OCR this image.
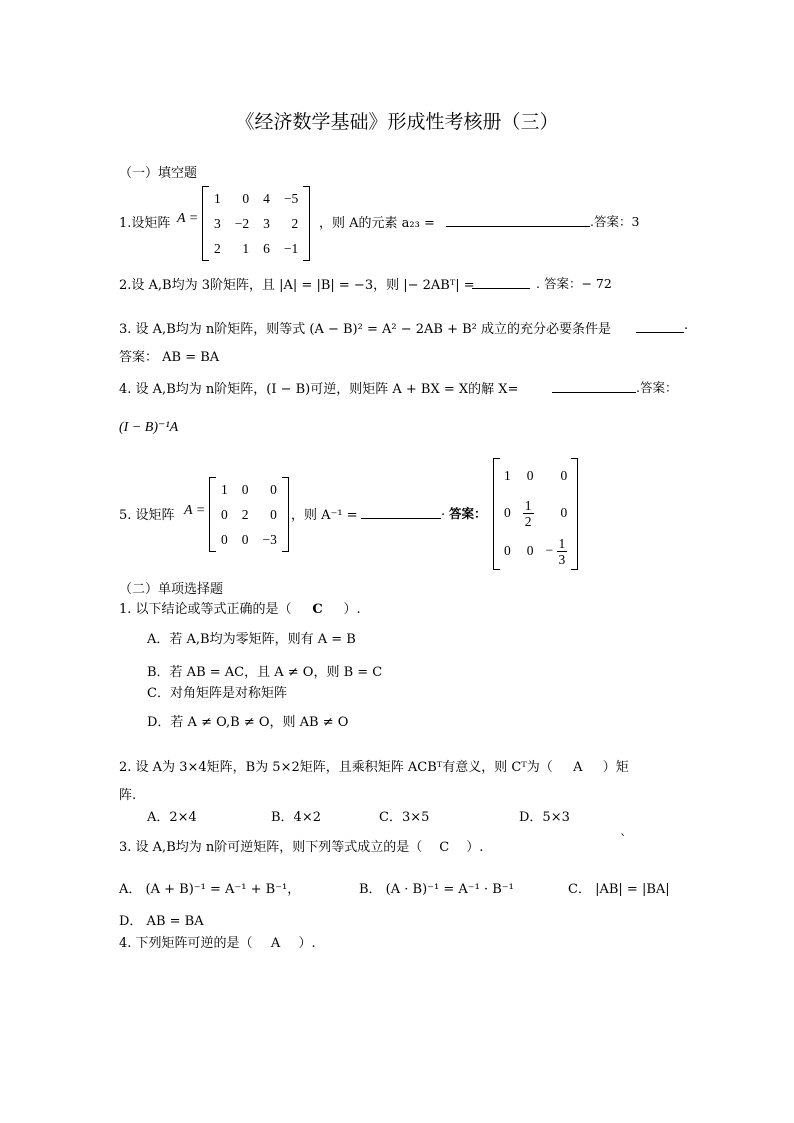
《经济数学基础》形成性考核册（三）
（一）填空题
1.设矩阵 A =
1	0	4	−5
3	−2	3	2
2	1	6	−1
，则 A的元素 a₂₃ =	.答案：3
2.设 A,B均为 3阶矩阵，且 |A| = |B| = −3，则 |− 2ABᵀ| =	. 答案：− 72
3. 设 A,B均为 n阶矩阵，则等式 (A − B)² = A² − 2AB + B² 成立的充分必要条件是	.
答案： AB = BA
4. 设 A,B均为 n阶矩阵，(I − B)可逆，则矩阵 A + BX = X的解 X=	.答案：
(I − B)⁻¹A
5. 设矩阵 A =
1	0	0
0	2	0
0	0	−3
，则 A⁻¹ =	. 答案：
1	0	0
0	$\frac{1}{2}$	0
0	0	− $\frac{1}{3}$
（二）单项选择题
1. 以下结论或等式正确的是（ C ）.
A．若 A,B均为零矩阵，则有 A = B
B．若 AB = AC，且 A ≠ O，则 B = C
C．对角矩阵是对称矩阵
D．若 A ≠ O,B ≠ O，则 AB ≠ O
2. 设 A为 3×4矩阵，B为 5×2矩阵，且乘积矩阵 ACBᵀ有意义，则 Cᵀ为（ A ）矩
阵.
A．2×4	B．4×2	C．3×5	D．5×3
3. 设 A,B均为 n阶可逆矩阵，则下列等式成立的是（ C ）.	`
A． (A + B)⁻¹ = A⁻¹ + B⁻¹，	B． (A · B)⁻¹ = A⁻¹ · B⁻¹	C． |AB| = |BA|
D． AB = BA
4. 下列矩阵可逆的是（ A ）.
